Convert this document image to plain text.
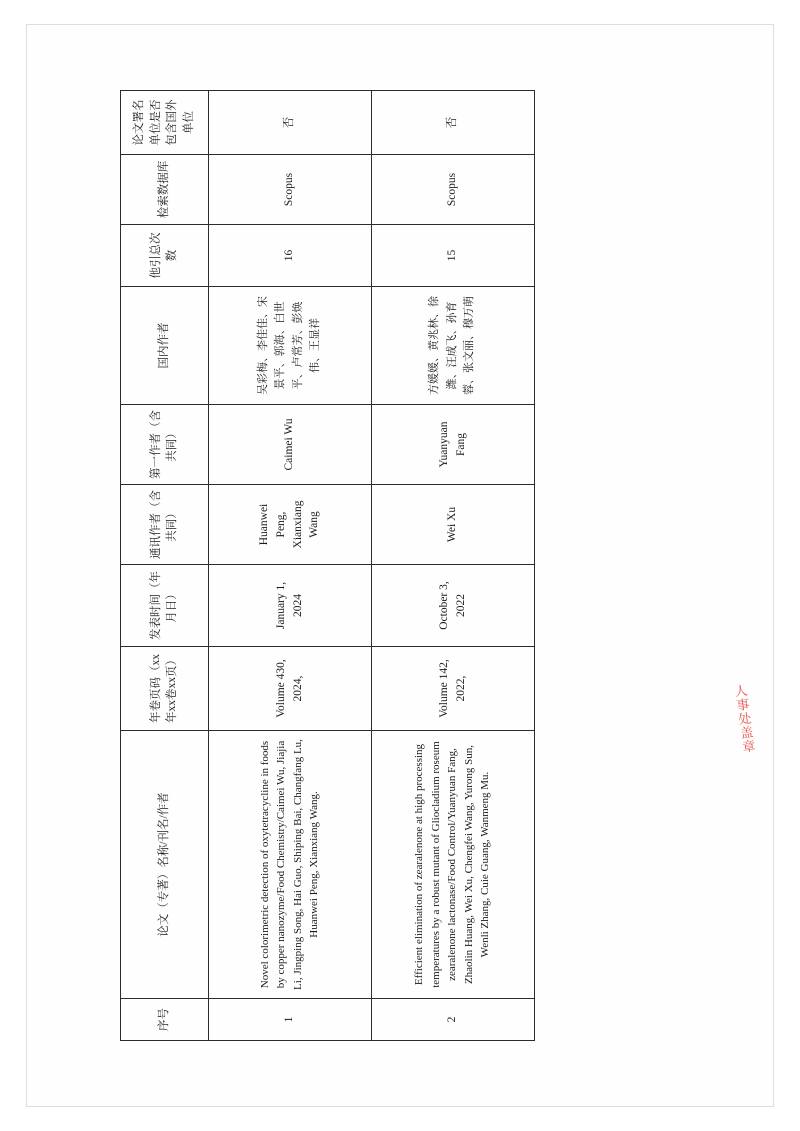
序号	论文（专著）名称/刊名/作者	年卷页码（xx年xx卷xx页）	发表时间（年月日）	通讯作者（含共同）	第一作者（含共同）	国内作者	他引总次数	检索数据库	论文署名单位是否包含国外单位
1	Novel colorimetric detection of oxytetracycline in foods by copper nanozyme/Food Chemistry/Caimei Wu, Jiajia Li, Jingping Song, Hai Guo, Shiping Bai, Changfang Lu, Huanwei Peng, Xianxiang Wang.	Volume 430, 2024,	January 1, 2024	Huanwei Peng, Xianxiang Wang	Caimei Wu	吴彩梅、李佳佳、宋景平、郭海、白世平、卢常芳、彭焕伟、王显祥	16	Scopus	否
2	Efficient elimination of zearalenone at high processing temperatures by a robust mutant of Gliocladium roseum zearalenone lactonase/Food Control/Yuanyuan Fang, Zhaolin Huang, Wei Xu, Chengfei Wang, Yurong Sun, Wenli Zhang, Cuie Guang, Wanmeng Mu.	Volume 142, 2022,	October 3, 2022	Wei Xu	Yuanyuan Fang	方媛媛、黄兆林、徐潍、汪成飞、孙育蓉、张文丽、穆万萌	15	Scopus	否
人事处盖章
